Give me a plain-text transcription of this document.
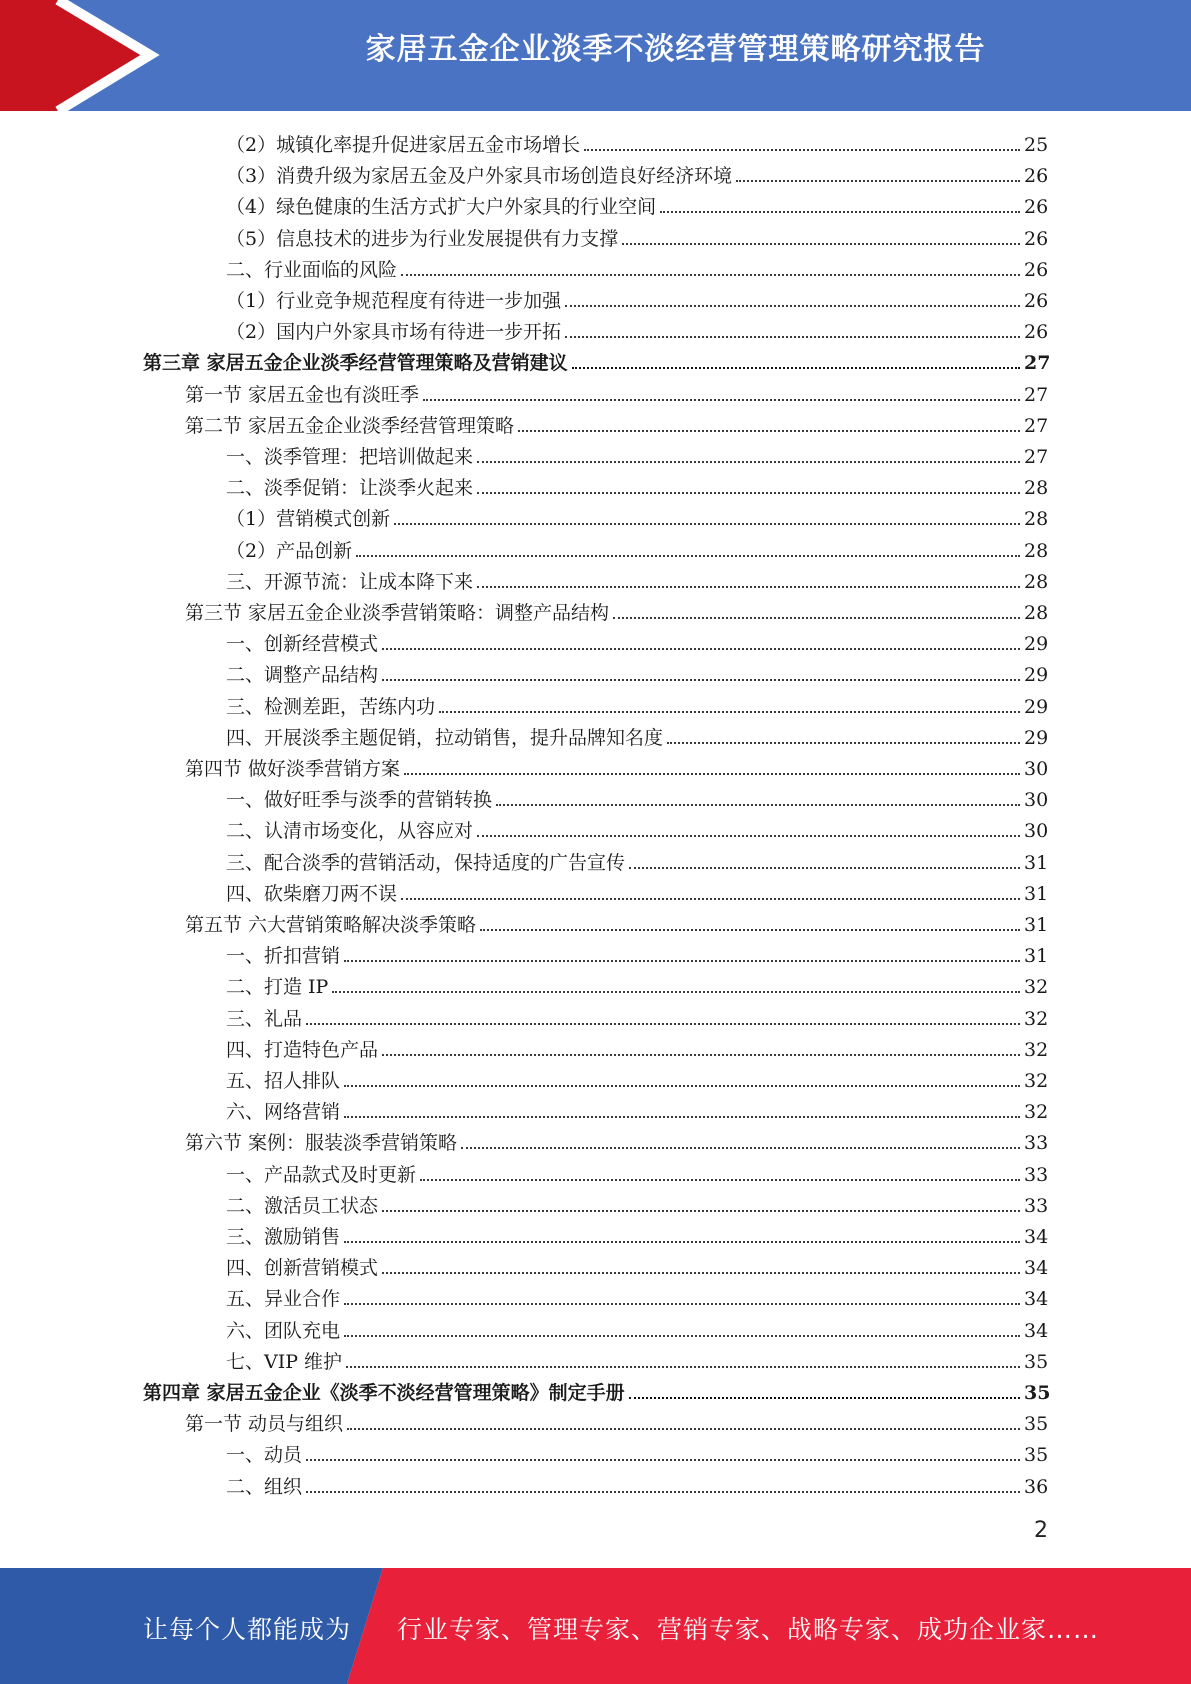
家居五金企业淡季不淡经营管理策略研究报告
（2）城镇化率提升促进家居五金市场增长	25
（3）消费升级为家居五金及户外家具市场创造良好经济环境	26
（4）绿色健康的生活方式扩大户外家具的行业空间	26
（5）信息技术的进步为行业发展提供有力支撑	26
二、行业面临的风险	26
（1）行业竞争规范程度有待进一步加强	26
（2）国内户外家具市场有待进一步开拓	26
第三章 家居五金企业淡季经营管理策略及营销建议	27
第一节 家居五金也有淡旺季	27
第二节 家居五金企业淡季经营管理策略	27
一、淡季管理：把培训做起来	27
二、淡季促销：让淡季火起来	28
（1）营销模式创新	28
（2）产品创新	28
三、开源节流：让成本降下来	28
第三节 家居五金企业淡季营销策略：调整产品结构	28
一、创新经营模式	29
二、调整产品结构	29
三、检测差距，苦练内功	29
四、开展淡季主题促销，拉动销售，提升品牌知名度	29
第四节 做好淡季营销方案	30
一、做好旺季与淡季的营销转换	30
二、认清市场变化，从容应对	30
三、配合淡季的营销活动，保持适度的广告宣传	31
四、砍柴磨刀两不误	31
第五节 六大营销策略解决淡季策略	31
一、折扣营销	31
二、打造 IP	32
三、礼品	32
四、打造特色产品	32
五、招人排队	32
六、网络营销	32
第六节 案例：服装淡季营销策略	33
一、产品款式及时更新	33
二、激活员工状态	33
三、激励销售	34
四、创新营销模式	34
五、异业合作	34
六、团队充电	34
七、VIP 维护	35
第四章 家居五金企业《淡季不淡经营管理策略》制定手册	35
第一节 动员与组织	35
一、动员	35
二、组织	36
2
让每个人都能成为 行业专家、管理专家、营销专家、战略专家、成功企业家……
